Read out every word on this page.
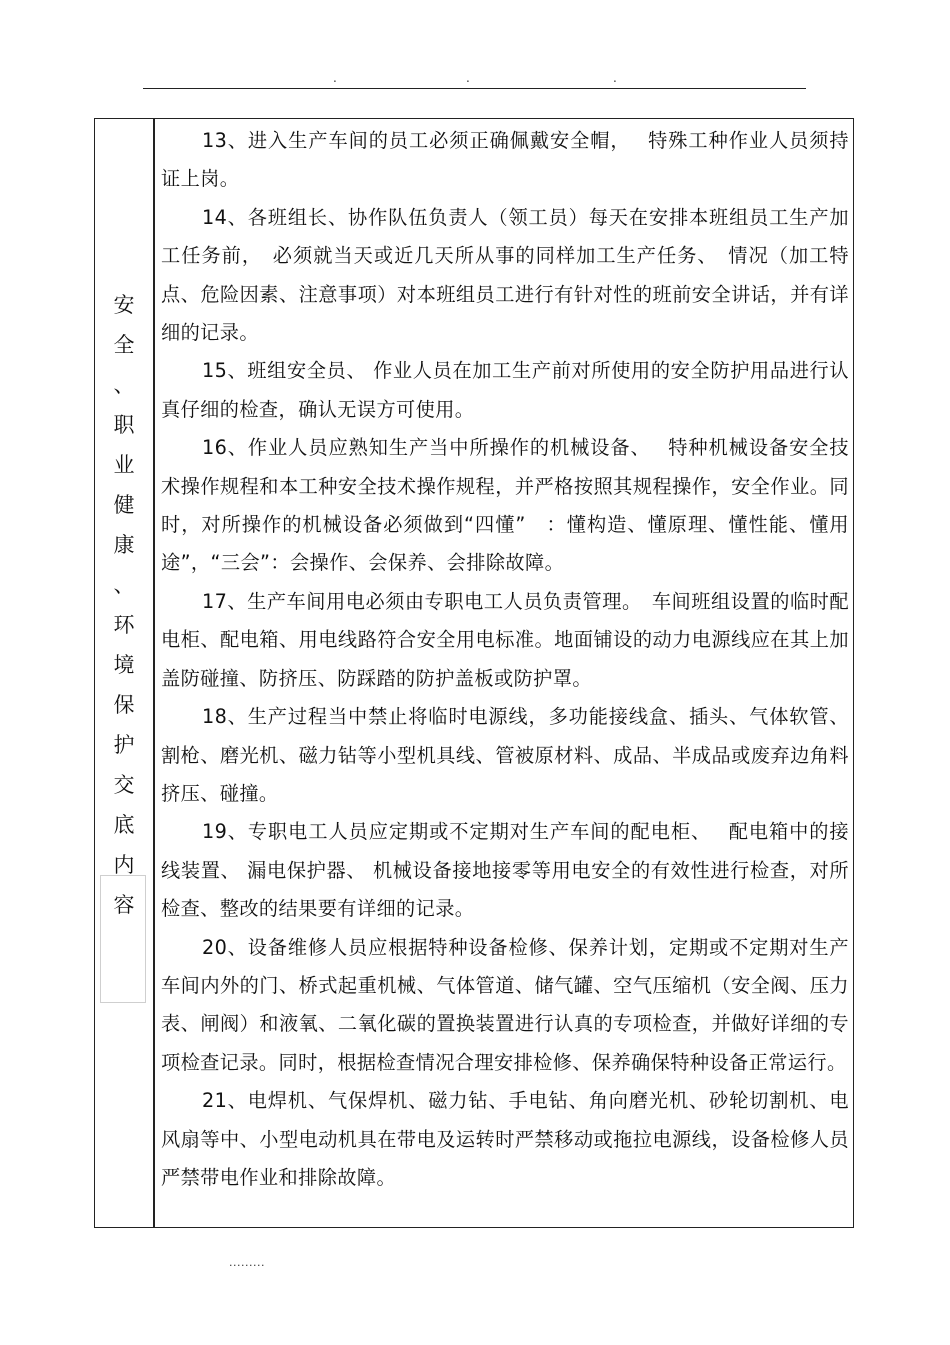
.	.	.
安
全
、
职
业
健
康
、
环
境
保
护
交
底
内
容

13、进入生产车间的员工必须正确佩戴安全帽，　 特殊工种作业人员须持证上岗。

14、各班组长、协作队伍负责人（领工员）每天在安排本班组员工生产加工任务前，　必须就当天或近几天所从事的同样加工生产任务、　情况（加工特点、危险因素、注意事项）对本班组员工进行有针对性的班前安全讲话，并有详细的记录。

15、班组安全员、 作业人员在加工生产前对所使用的安全防护用品进行认真仔细的检查，确认无误方可使用。

16、作业人员应熟知生产当中所操作的机械设备、　 特种机械设备安全技术操作规程和本工种安全技术操作规程，并严格按照其规程操作，安全作业。同时，对所操作的机械设备必须做到“四懂”　：懂构造、懂原理、懂性能、懂用途”，“三会”：会操作、会保养、会排除故障。

17、生产车间用电必须由专职电工人员负责管理。　车间班组设置的临时配电柜、配电箱、用电线路符合安全用电标准。地面铺设的动力电源线应在其上加盖防碰撞、防挤压、防踩踏的防护盖板或防护罩。

18、生产过程当中禁止将临时电源线，多功能接线盒、插头、气体软管、割枪、磨光机、磁力钻等小型机具线、管被原材料、成品、半成品或废弃边角料挤压、碰撞。

19、专职电工人员应定期或不定期对生产车间的配电柜、　 配电箱中的接线装置、 漏电保护器、 机械设备接地接零等用电安全的有效性进行检查，对所检查、整改的结果要有详细的记录。

20、设备维修人员应根据特种设备检修、保养计划，定期或不定期对生产车间内外的门、桥式起重机械、气体管道、储气罐、空气压缩机（安全阀、压力表、闸阀）和液氧、二氧化碳的置换装置进行认真的专项检查，并做好详细的专项检查记录。同时，根据检查情况合理安排检修、保养确保特种设备正常运行。

21、电焊机、气保焊机、磁力钻、手电钻、角向磨光机、砂轮切割机、电风扇等中、小型电动机具在带电及运转时严禁移动或拖拉电源线，设备检修人员严禁带电作业和排除故障。

.........
